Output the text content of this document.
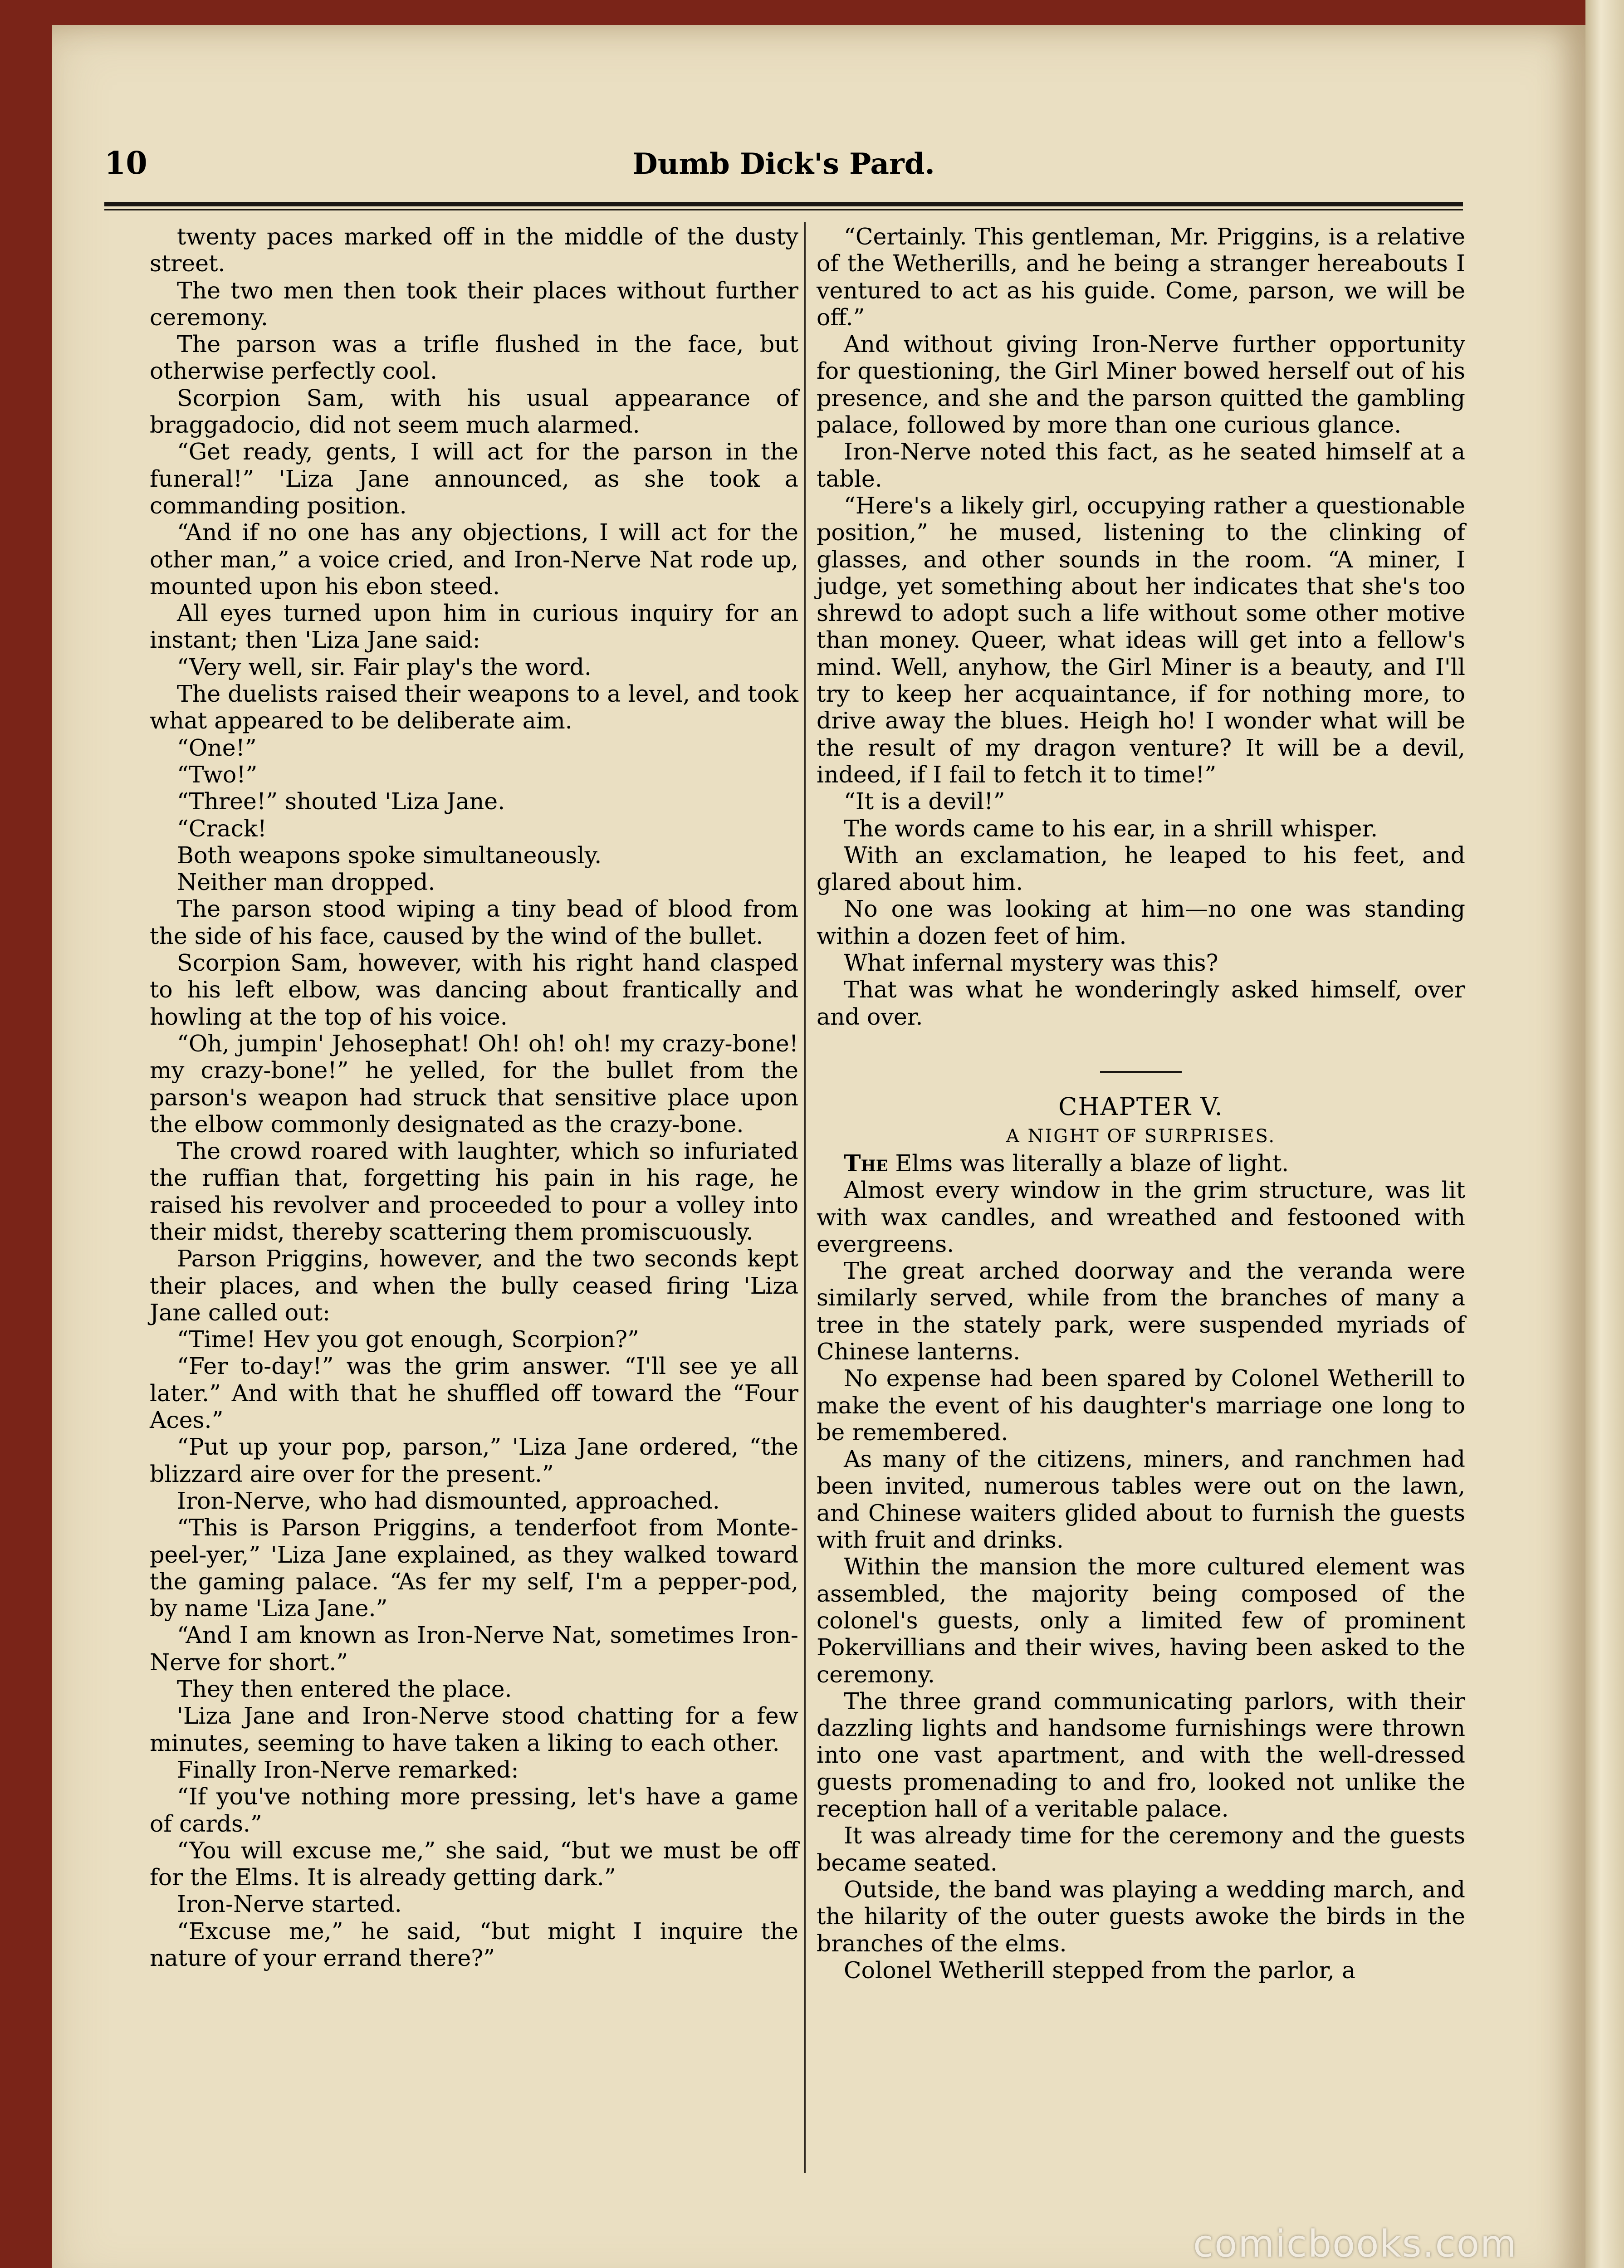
10	Dumb Dick's Pard.

twenty paces marked off in the middle of the dusty street.

The two men then took their places without further ceremony.

The parson was a trifle flushed in the face, but otherwise perfectly cool.

Scorpion Sam, with his usual appearance of braggadocio, did not seem much alarmed.

“Get ready, gents, I will act for the parson in the funeral!” 'Liza Jane announced, as she took a commanding position.

“And if no one has any objections, I will act for the other man,” a voice cried, and Iron-Nerve Nat rode up, mounted upon his ebon steed.

All eyes turned upon him in curious inquiry for an instant; then 'Liza Jane said:

“Very well, sir. Fair play's the word.

The duelists raised their weapons to a level, and took what appeared to be deliberate aim.

“One!”

“Two!”

“Three!” shouted 'Liza Jane.

“Crack!

Both weapons spoke simultaneously.

Neither man dropped.

The parson stood wiping a tiny bead of blood from the side of his face, caused by the wind of the bullet.

Scorpion Sam, however, with his right hand clasped to his left elbow, was dancing about frantically and howling at the top of his voice.

“Oh, jumpin' Jehosephat! Oh! oh! oh! my crazy-bone! my crazy-bone!” he yelled, for the bullet from the parson's weapon had struck that sensitive place upon the elbow commonly designated as the crazy-bone.

The crowd roared with laughter, which so infuriated the ruffian that, forgetting his pain in his rage, he raised his revolver and proceeded to pour a volley into their midst, thereby scattering them promiscuously.

Parson Priggins, however, and the two seconds kept their places, and when the bully ceased firing 'Liza Jane called out:

“Time! Hev you got enough, Scorpion?”

“Fer to-day!” was the grim answer. “I'll see ye all later.” And with that he shuffled off toward the “Four Aces.”

“Put up your pop, parson,” 'Liza Jane ordered, “the blizzard aire over for the present.”

Iron-Nerve, who had dismounted, approached.

“This is Parson Priggins, a tenderfoot from Monte-peel-yer,” 'Liza Jane explained, as they walked toward the gaming palace. “As fer my self, I'm a pepper-pod, by name 'Liza Jane.”

“And I am known as Iron-Nerve Nat, sometimes Iron-Nerve for short.”

They then entered the place.

'Liza Jane and Iron-Nerve stood chatting for a few minutes, seeming to have taken a liking to each other.

Finally Iron-Nerve remarked:

“If you've nothing more pressing, let's have a game of cards.”

“You will excuse me,” she said, “but we must be off for the Elms. It is already getting dark.”

Iron-Nerve started.

“Excuse me,” he said, “but might I inquire the nature of your errand there?”

“Certainly. This gentleman, Mr. Priggins, is a relative of the Wetherills, and he being a stranger hereabouts I ventured to act as his guide. Come, parson, we will be off.”

And without giving Iron-Nerve further opportunity for questioning, the Girl Miner bowed herself out of his presence, and she and the parson quitted the gambling palace, followed by more than one curious glance.

Iron-Nerve noted this fact, as he seated himself at a table.

“Here's a likely girl, occupying rather a questionable position,” he mused, listening to the clinking of glasses, and other sounds in the room. “A miner, I judge, yet something about her indicates that she's too shrewd to adopt such a life without some other motive than money. Queer, what ideas will get into a fellow's mind. Well, anyhow, the Girl Miner is a beauty, and I'll try to keep her acquaintance, if for nothing more, to drive away the blues. Heigh ho! I wonder what will be the result of my dragon venture? It will be a devil, indeed, if I fail to fetch it to time!”

“It is a devil!”

The words came to his ear, in a shrill whisper.

With an exclamation, he leaped to his feet, and glared about him.

No one was looking at him—no one was standing within a dozen feet of him.

What infernal mystery was this?

That was what he wonderingly asked himself, over and over.

CHAPTER V.

A NIGHT OF SURPRISES.

The Elms was literally a blaze of light.

Almost every window in the grim structure, was lit with wax candles, and wreathed and festooned with evergreens.

The great arched doorway and the veranda were similarly served, while from the branches of many a tree in the stately park, were suspended myriads of Chinese lanterns.

No expense had been spared by Colonel Wetherill to make the event of his daughter's marriage one long to be remembered.

As many of the citizens, miners, and ranchmen had been invited, numerous tables were out on the lawn, and Chinese waiters glided about to furnish the guests with fruit and drinks.

Within the mansion the more cultured element was assembled, the majority being composed of the colonel's guests, only a limited few of prominent Pokervillians and their wives, having been asked to the ceremony.

The three grand communicating parlors, with their dazzling lights and handsome furnishings were thrown into one vast apartment, and with the well-dressed guests promenading to and fro, looked not unlike the reception hall of a veritable palace.

It was already time for the ceremony and the guests became seated.

Outside, the band was playing a wedding march, and the hilarity of the outer guests awoke the birds in the branches of the elms.

Colonel Wetherill stepped from the parlor, a

comicbooks.com
